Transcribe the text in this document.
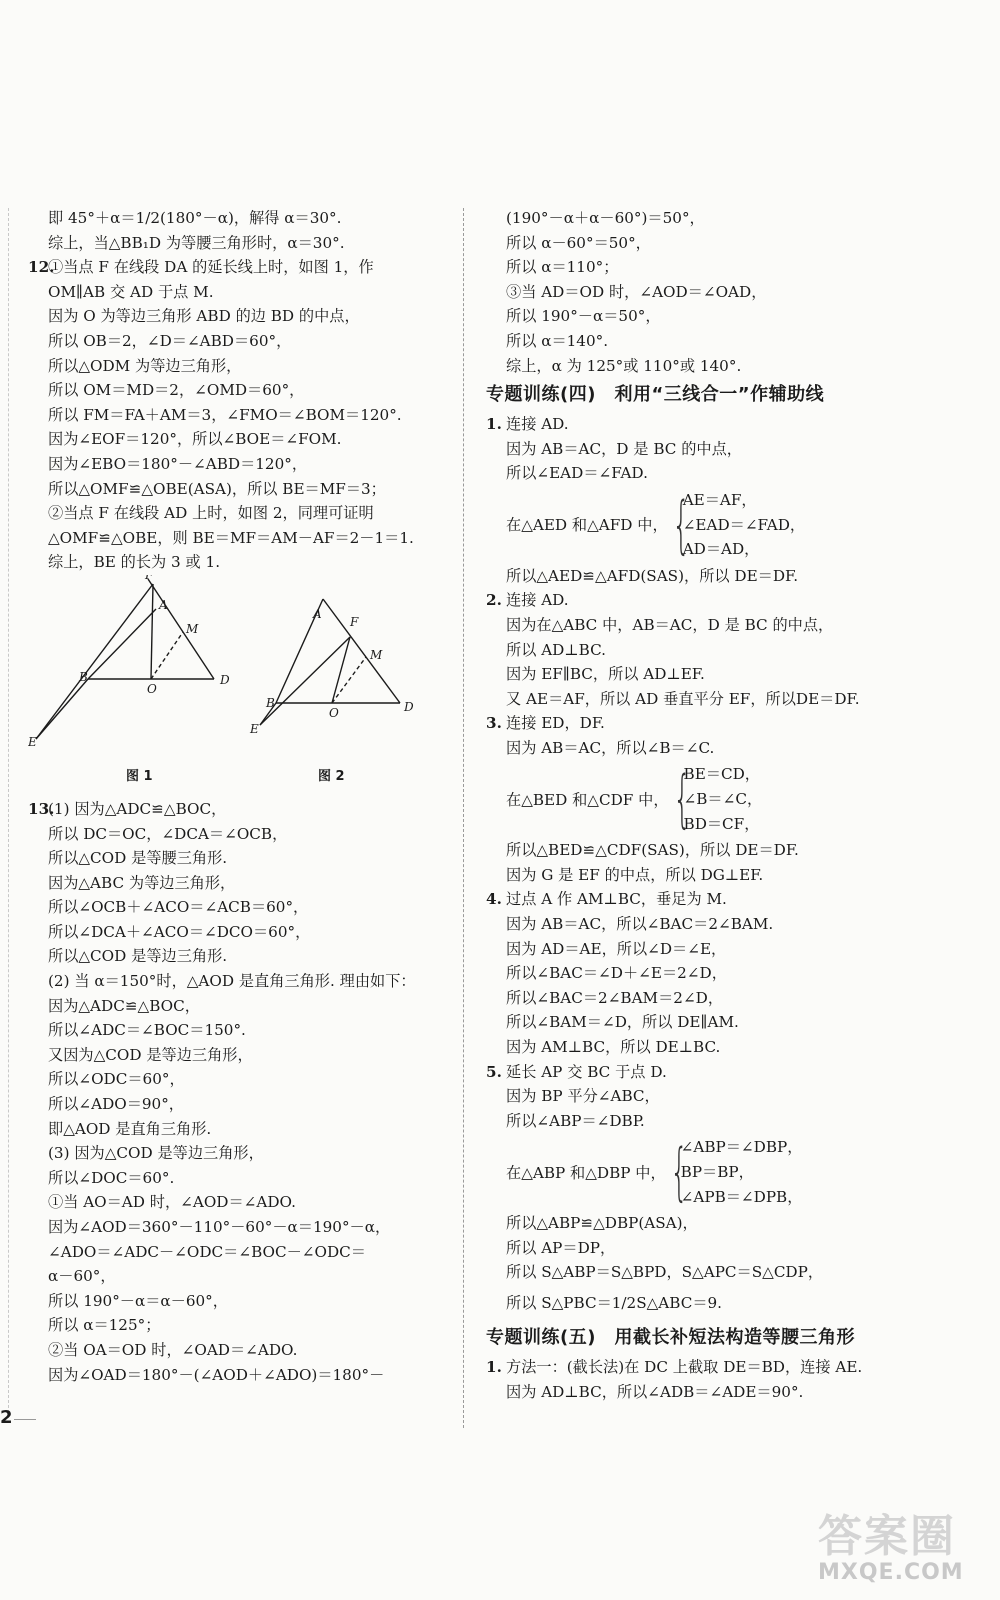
即 45°＋α＝1/2(180°－α)，解得 α＝30°.
综上，当△BB₁D 为等腰三角形时，α＝30°.
12.①当点 F 在线段 DA 的延长线上时，如图 1，作
OM∥AB 交 AD 于点 M.
因为 O 为等边三角形 ABD 的边 BD 的中点，
所以 OB＝2，∠D＝∠ABD＝60°，
所以△ODM 为等边三角形，
所以 OM＝MD＝2，∠OMD＝60°，
所以 FM＝FA＋AM＝3，∠FMO＝∠BOM＝120°.
因为∠EOF＝120°，所以∠BOE＝∠FOM.
因为∠EBO＝180°－∠ABD＝120°，
所以△OMF≌△OBE(ASA)，所以 BE＝MF＝3；
②当点 F 在线段 AD 上时，如图 2，同理可证明
△OMF≌△OBE，则 BE＝MF＝AM－AF＝2－1＝1.
综上，BE 的长为 3 或 1.
F
A
M
B
O
D
E
A
F
M
B
O	D
E
图 1	图 2
13.(1) 因为△ADC≌△BOC，
所以 DC＝OC，∠DCA＝∠OCB，
所以△COD 是等腰三角形.
因为△ABC 为等边三角形，
所以∠OCB＋∠ACO＝∠ACB＝60°，
所以∠DCA＋∠ACO＝∠DCO＝60°，
所以△COD 是等边三角形.
(2) 当 α＝150°时，△AOD 是直角三角形. 理由如下：
因为△ADC≌△BOC，
所以∠ADC＝∠BOC＝150°.
又因为△COD 是等边三角形，
所以∠ODC＝60°，
所以∠ADO＝90°，
即△AOD 是直角三角形.
(3) 因为△COD 是等边三角形，
所以∠DOC＝60°.
①当 AO＝AD 时，∠AOD＝∠ADO.
因为∠AOD＝360°－110°－60°－α＝190°－α，
∠ADO＝∠ADC－∠ODC＝∠BOC－∠ODC＝
α－60°，
所以 190°－α＝α－60°，
所以 α＝125°；
②当 OA＝OD 时，∠OAD＝∠ADO.
因为∠OAD＝180°－(∠AOD＋∠ADO)＝180°－
2
(190°－α＋α－60°)＝50°，
所以 α－60°＝50°，
所以 α＝110°；
③当 AD＝OD 时，∠AOD＝∠OAD，
所以 190°－α＝50°，
所以 α＝140°.
综上，α 为 125°或 110°或 140°.
专题训练(四)　利用“三线合一”作辅助线
1. 连接 AD.
因为 AB＝AC，D 是 BC 的中点，
所以∠EAD＝∠FAD.
在△AED 和△AFD 中， {
AE＝AF，
∠EAD＝∠FAD，
AD＝AD，
所以△AED≌△AFD(SAS)，所以 DE＝DF.
2. 连接 AD.
因为在△ABC 中，AB＝AC，D 是 BC 的中点，
所以 AD⊥BC.
因为 EF∥BC，所以 AD⊥EF.
又 AE＝AF，所以 AD 垂直平分 EF，所以DE＝DF.
3. 连接 ED，DF.
因为 AB＝AC，所以∠B＝∠C.
在△BED 和△CDF 中， {
BE＝CD，
∠B＝∠C，
BD＝CF，
所以△BED≌△CDF(SAS)，所以 DE＝DF.
因为 G 是 EF 的中点，所以 DG⊥EF.
4. 过点 A 作 AM⊥BC，垂足为 M.
因为 AB＝AC，所以∠BAC＝2∠BAM.
因为 AD＝AE，所以∠D＝∠E，
所以∠BAC＝∠D＋∠E＝2∠D，
所以∠BAC＝2∠BAM＝2∠D，
所以∠BAM＝∠D，所以 DE∥AM.
因为 AM⊥BC，所以 DE⊥BC.
5. 延长 AP 交 BC 于点 D.
因为 BP 平分∠ABC，
所以∠ABP＝∠DBP.
在△ABP 和△DBP 中， {
∠ABP＝∠DBP，
BP＝BP，
∠APB＝∠DPB，
所以△ABP≌△DBP(ASA)，
所以 AP＝DP，
所以 S△ABP＝S△BPD，S△APC＝S△CDP，
所以 S△PBC＝1/2S△ABC＝9.
专题训练(五)　用截长补短法构造等腰三角形
1. 方法一：(截长法)在 DC 上截取 DE＝BD，连接 AE.
因为 AD⊥BC，所以∠ADB＝∠ADE＝90°.
答案圈
MXQE.COM
